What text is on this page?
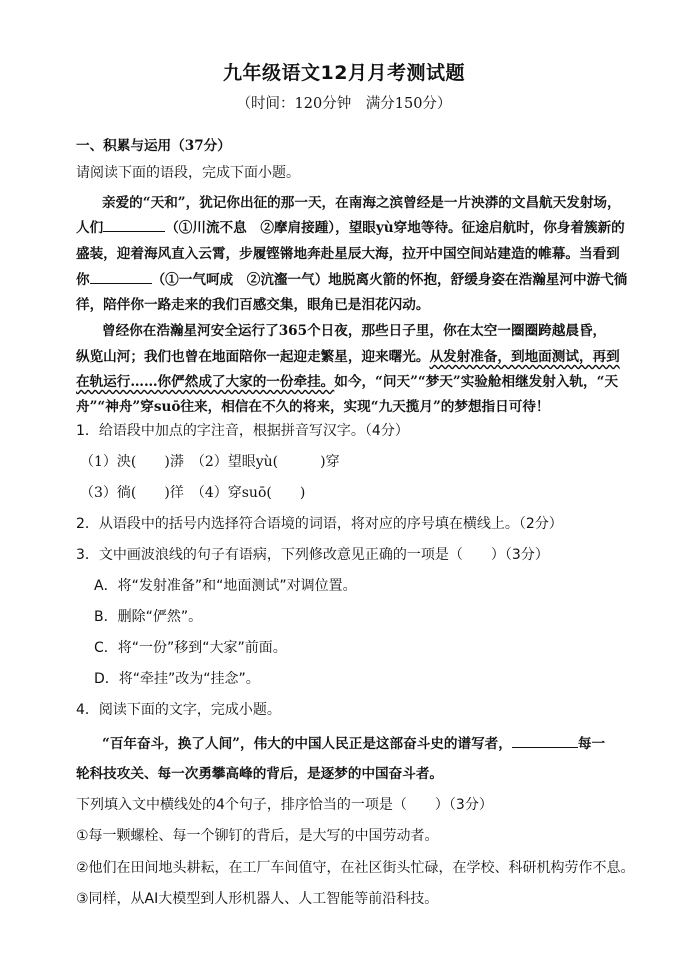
九年级语文12月月考测试题
（时间：120分钟　满分150分）
一、积累与运用（37分）
请阅读下面的语段，完成下面小题。
亲爱的“天和”，犹记你出征的那一天，在南海之滨曾经是一片泱漭的文昌航天发射场，
人们	（①川流不息　②摩肩接踵），望眼yù穿地等待。征途启航时，你身着簇新的
盛装，迎着海风直入云霄，步履铿锵地奔赴星辰大海，拉开中国空间站建造的帷幕。当看到
你	（①一气呵成　②沆瀣一气）地脱离火箭的怀抱，舒缓身姿在浩瀚星河中游弋徜
徉，陪伴你一路走来的我们百感交集，眼角已是泪花闪动。
曾经你在浩瀚星河安全运行了365个日夜，那些日子里，你在太空一圈圈跨越晨昏，
纵览山河；我们也曾在地面陪你一起迎走繁星，迎来曙光。从发射准备，到地面测试，再到
在轨运行……你俨然成了大家的一份牵挂。如今，“问天”“梦天”实验舱相继发射入轨，“天
舟”“神舟”穿suō往来，相信在不久的将来，实现“九天揽月”的梦想指日可待！
1．给语段中加点的字注音，根据拼音写汉字。（4分）
（1）泱(　　)漭　（2）望眼yù(　　　)穿
（3）徜(　　)徉　（4）穿suō(　　)
2．从语段中的括号内选择符合语境的词语，将对应的序号填在横线上。（2分）
3．文中画波浪线的句子有语病，下列修改意见正确的一项是（　　）（3分）
A．将“发射准备”和“地面测试”对调位置。
B．删除“俨然”。
C．将“一份”移到“大家”前面。
D．将“牵挂”改为“挂念”。
4．阅读下面的文字，完成小题。
“百年奋斗，换了人间”，伟大的中国人民正是这部奋斗史的谱写者，	每一
轮科技攻关、每一次勇攀高峰的背后，是逐梦的中国奋斗者。
下列填入文中横线处的4个句子，排序恰当的一项是（　　）（3分）
①每一颗螺栓、每一个铆钉的背后，是大写的中国劳动者。
②他们在田间地头耕耘，在工厂车间值守，在社区街头忙碌，在学校、科研机构劳作不息。
③同样，从AI大模型到人形机器人、人工智能等前沿科技。
